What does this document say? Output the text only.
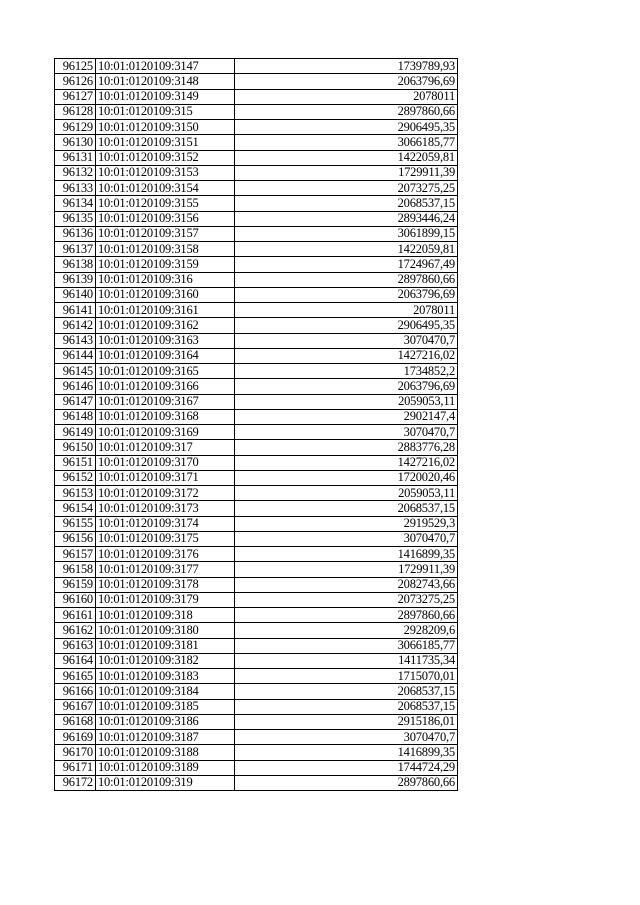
96125	10:01:0120109:3147	1739789,93
96126	10:01:0120109:3148	2063796,69
96127	10:01:0120109:3149	2078011
96128	10:01:0120109:315	2897860,66
96129	10:01:0120109:3150	2906495,35
96130	10:01:0120109:3151	3066185,77
96131	10:01:0120109:3152	1422059,81
96132	10:01:0120109:3153	1729911,39
96133	10:01:0120109:3154	2073275,25
96134	10:01:0120109:3155	2068537,15
96135	10:01:0120109:3156	2893446,24
96136	10:01:0120109:3157	3061899,15
96137	10:01:0120109:3158	1422059,81
96138	10:01:0120109:3159	1724967,49
96139	10:01:0120109:316	2897860,66
96140	10:01:0120109:3160	2063796,69
96141	10:01:0120109:3161	2078011
96142	10:01:0120109:3162	2906495,35
96143	10:01:0120109:3163	3070470,7
96144	10:01:0120109:3164	1427216,02
96145	10:01:0120109:3165	1734852,2
96146	10:01:0120109:3166	2063796,69
96147	10:01:0120109:3167	2059053,11
96148	10:01:0120109:3168	2902147,4
96149	10:01:0120109:3169	3070470,7
96150	10:01:0120109:317	2883776,28
96151	10:01:0120109:3170	1427216,02
96152	10:01:0120109:3171	1720020,46
96153	10:01:0120109:3172	2059053,11
96154	10:01:0120109:3173	2068537,15
96155	10:01:0120109:3174	2919529,3
96156	10:01:0120109:3175	3070470,7
96157	10:01:0120109:3176	1416899,35
96158	10:01:0120109:3177	1729911,39
96159	10:01:0120109:3178	2082743,66
96160	10:01:0120109:3179	2073275,25
96161	10:01:0120109:318	2897860,66
96162	10:01:0120109:3180	2928209,6
96163	10:01:0120109:3181	3066185,77
96164	10:01:0120109:3182	1411735,34
96165	10:01:0120109:3183	1715070,01
96166	10:01:0120109:3184	2068537,15
96167	10:01:0120109:3185	2068537,15
96168	10:01:0120109:3186	2915186,01
96169	10:01:0120109:3187	3070470,7
96170	10:01:0120109:3188	1416899,35
96171	10:01:0120109:3189	1744724,29
96172	10:01:0120109:319	2897860,66
